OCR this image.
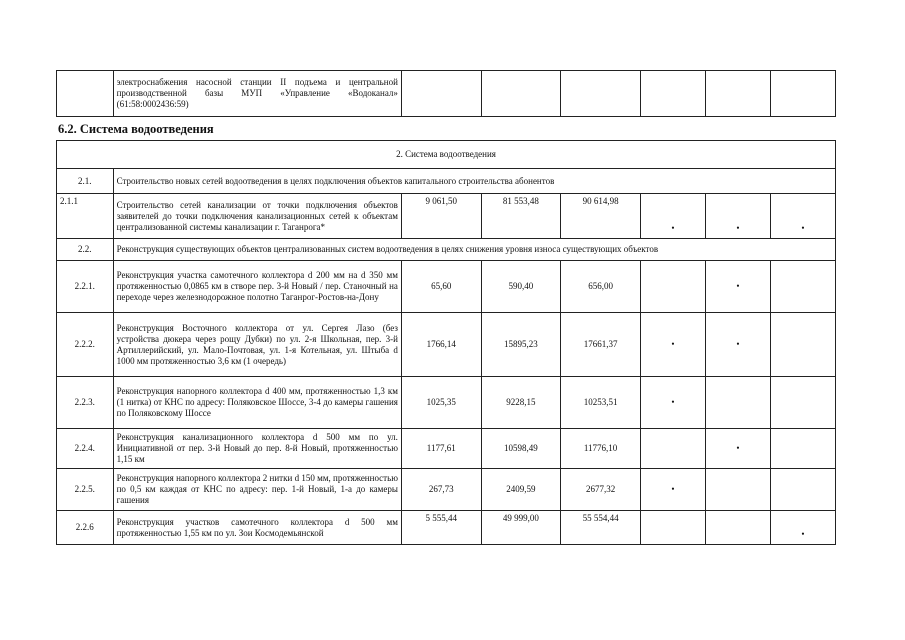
	электроснабжения насосной станции II подъема и центральной производственной базы МУП «Управление «Водоканал» (61:58:0002436:59)						
6.2. Система водоотведения
2. Система водоотведения							
2.1.	Строительство новых сетей водоотведения в целях подключения объектов капитального строительства абонентов						
2.1.1	Строительство сетей канализации от точки подключения объектов заявителей до точки подключения канализационных сетей к объектам централизованной системы канализации г. Таганрога*	9 061,50	81 553,48	90 614,98	•	•	•
2.2.	Реконструкция существующих объектов централизованных систем водоотведения в целях снижения уровня износа существующих объектов						
2.2.1.	Реконструкция участка самотечного коллектора d 200 мм на d 350 мм протяженностью 0,0865 км в створе пер. 3-й Новый / пер. Станочный на переходе через железнодорожное полотно Таганрог-Ростов-на-Дону	65,60	590,40	656,00		•	
2.2.2.	Реконструкция Восточного коллектора от ул. Сергея Лазо (без устройства дюкера через рощу Дубки) по ул. 2-я Школьная, пер. 3-й Артиллерийский, ул. Мало-Почтовая, ул. 1-я Котельная, ул. Штыба d 1000 мм протяженностью 3,6 км (1 очередь)	1766,14	15895,23	17661,37	•	•	
2.2.3.	Реконструкция напорного коллектора d 400 мм, протяженностью 1,3 км (1 нитка) от КНС по адресу: Поляковское Шоссе, 3-4 до камеры гашения по Поляковскому Шоссе	1025,35	9228,15	10253,51	•		
2.2.4.	Реконструкция канализационного коллектора d 500 мм по ул. Инициативной от пер. 3-й Новый до пер. 8-й Новый, протяженностью 1,15 км	1177,61	10598,49	11776,10		•	
2.2.5.	Реконструкция напорного коллектора 2 нитки d 150 мм, протяженностью по 0,5 км каждая от КНС по адресу: пер. 1-й Новый, 1-а до камеры гашения	267,73	2409,59	2677,32	•		
2.2.6	Реконструкция участков самотечного коллектора d 500 мм протяженностью 1,55 км по ул. Зои Космодемьянской	5 555,44	49 999,00	55 554,44			•
